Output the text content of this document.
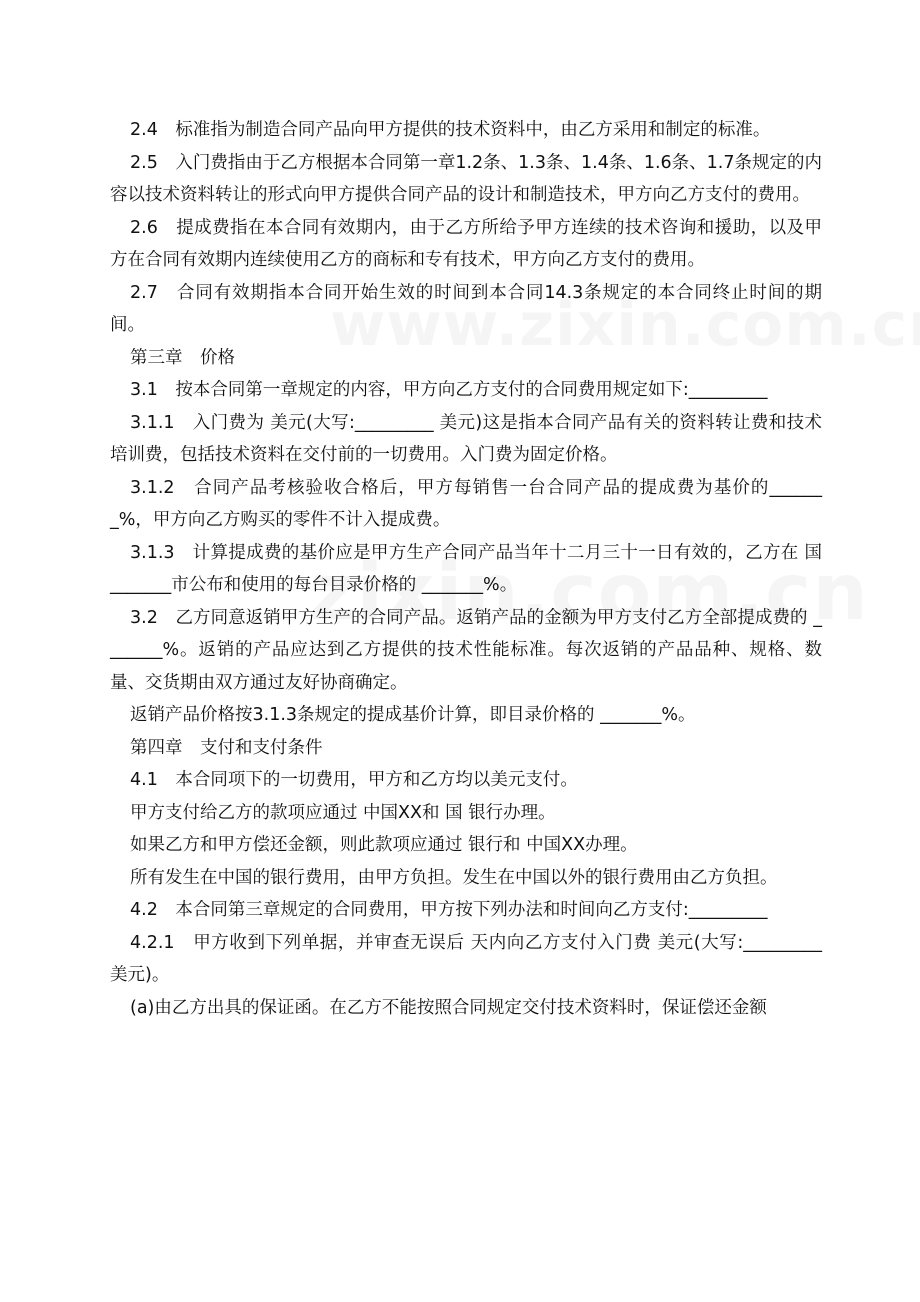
2.4　标准指为制造合同产品向甲方提供的技术资料中，由乙方采用和制定的标准。

2.5　入门费指由于乙方根据本合同第一章1.2条、1.3条、1.4条、1.6条、1.7条规定的内容以技术资料转让的形式向甲方提供合同产品的设计和制造技术，甲方向乙方支付的费用。

2.6　提成费指在本合同有效期内，由于乙方所给予甲方连续的技术咨询和援助，以及甲方在合同有效期内连续使用乙方的商标和专有技术，甲方向乙方支付的费用。

2.7　合同有效期指本合同开始生效的时间到本合同14.3条规定的本合同终止时间的期间。

第三章　价格

3.1　按本合同第一章规定的内容，甲方向乙方支付的合同费用规定如下:_________

3.1.1　入门费为 美元(大写:_________ 美元)这是指本合同产品有关的资料转让费和技术培训费，包括技术资料在交付前的一切费用。入门费为固定价格。

3.1.2　合同产品考核验收合格后，甲方每销售一台合同产品的提成费为基价的_______%，甲方向乙方购买的零件不计入提成费。

3.1.3　计算提成费的基价应是甲方生产合同产品当年十二月三十一日有效的，乙方在 国 _______市公布和使用的每台目录价格的 _______%。

3.2　乙方同意返销甲方生产的合同产品。返销产品的金额为甲方支付乙方全部提成费的 _______%。返销的产品应达到乙方提供的技术性能标准。每次返销的产品品种、规格、数量、交货期由双方通过友好协商确定。

返销产品价格按3.1.3条规定的提成基价计算，即目录价格的 _______%。

第四章　支付和支付条件

4.1　本合同项下的一切费用，甲方和乙方均以美元支付。

甲方支付给乙方的款项应通过 中国XX和 国 银行办理。

如果乙方和甲方偿还金额，则此款项应通过 银行和 中国XX办理。

所有发生在中国的银行费用，由甲方负担。发生在中国以外的银行费用由乙方负担。

4.2　本合同第三章规定的合同费用，甲方按下列办法和时间向乙方支付:_________

4.2.1　甲方收到下列单据，并审查无误后 天内向乙方支付入门费 美元(大写:_________ 美元)。

(a)由乙方出具的保证函。在乙方不能按照合同规定交付技术资料时，保证偿还金额
